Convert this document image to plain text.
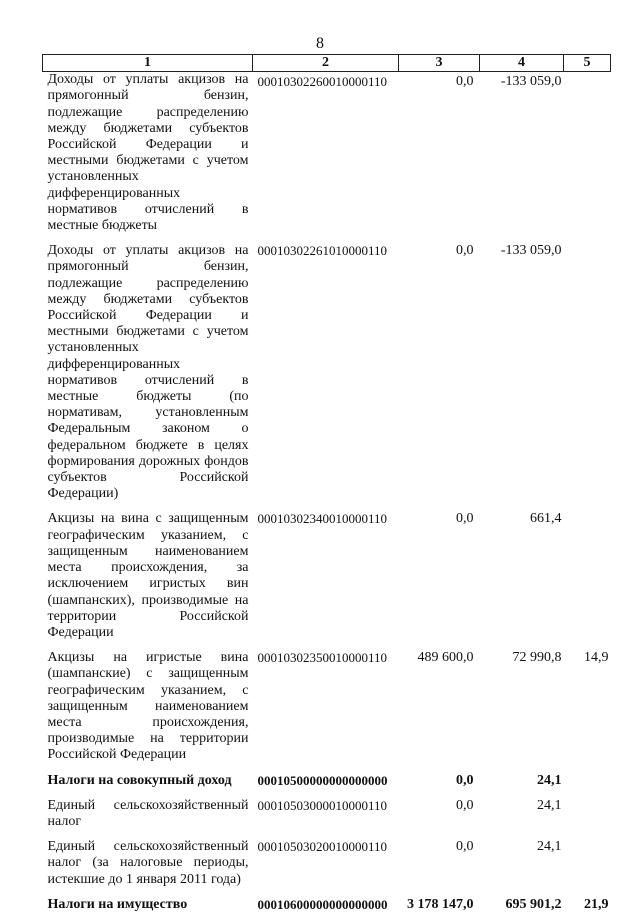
8
1	2	3	4	5
Доходы от уплаты акцизов на прямогонный бензин, подлежащие распределению между бюджетами субъектов Российской Федерации и местными бюджетами с учетом установленных дифференцированных нормативов отчислений в местные бюджеты	00010302260010000110	0,0	-133 059,0	

Доходы от уплаты акцизов на прямогонный бензин, подлежащие распределению между бюджетами субъектов Российской Федерации и местными бюджетами с учетом установленных дифференцированных нормативов отчислений в местные бюджеты (по нормативам, установленным Федеральным законом о федеральном бюджете в целях формирования дорожных фондов субъектов Российской Федерации)	00010302261010000110	0,0	-133 059,0	

Акцизы на вина с защищенным географическим указанием, с защищенным наименованием места происхождения, за исключением игристых вин (шампанских), производимые на территории Российской Федерации	00010302340010000110	0,0	661,4	

Акцизы на игристые вина (шампанские) с защищенным географическим указанием, с защищенным наименованием места происхождения, производимые на территории Российской Федерации	00010302350010000110	489 600,0	72 990,8	14,9

Налоги на совокупный доход	00010500000000000000	0,0	24,1	

Единый сельскохозяйственный налог	00010503000010000110	0,0	24,1	

Единый сельскохозяйственный налог (за налоговые периоды, истекшие до 1 января 2011 года)	00010503020010000110	0,0	24,1	

Налоги на имущество	00010600000000000000	3 178 147,0	695 901,2	21,9
